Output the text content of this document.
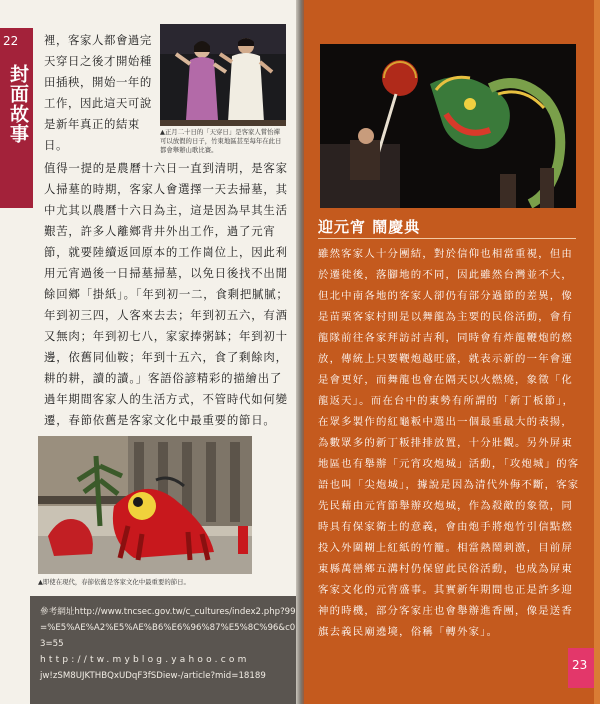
22
封面故事
裡，客家人都會過完天穿日之後才開始種田插秧，開始一年的工作，因此這天可說是新年真正的結束日。
▲正月二十日的「天穿日」是客家人嘗怡禪可以放假的日子，竹東地區甚至每年在此日都會舉辦山歌比賽。
值得一提的是農曆十六日一直到清明，是客家人掃墓的時期，客家人會選擇一天去掃墓，其中尤其以農曆十六日為主，這是因為早其生活艱苦，許多人離鄉背井外出工作，過了元宵節，就要陸續返回原本的工作崗位上，因此利用元宵過後一日掃墓掃墓，以免日後找不出閒餘回鄉「掛紙」。「年到初一二，食剩把膩膩；年到初三四，人客來去去；年到初五六，有酒又無肉；年到初七八，家家捧粥缽；年到初十邊，依舊同仙鞍；年到十五六，食了剩餘肉，耕的耕，讀的讀。」客語俗諺精彩的描繪出了過年期間客家人的生活方式，不管時代如何變遷，春節依舊是客家文化中最重要的節日。
▲即使在現代，春節依舊是客家文化中最重要的節日。
參考網址http://www.tncsec.gov.tw/c_cultures/index2.php?99=%E5%AE%A2%E5%AE%B6%E6%96%87%E5%8C%96&c03=55
http://tw.myblog.yahoo.com
jw!zSM8UJKTHBQxUDqF3fSDiew-/article?mid=18189
迎元宵 鬧慶典
雖然客家人十分團結，對於信仰也相當重視，但由於遷徙後，落腳地的不同，因此雖然台灣並不大，但北中南各地的客家人卻仍有部分過節的差異，像是苗栗客家村則是以舞龍為主要的民俗活動，會有龍隊前往各家拜訪討吉利，同時會有炸龍鞭炮的燃放，傳統上只要鞭炮越旺盛，就表示新的一年會運是會更好，而舞龍也會在隔天以火燃燒，象徵「化龍返天」。而在台中的東勢有所謂的「新丁板節」，在眾多製作的紅龜粄中選出一個最重最大的表揚，為數眾多的新丁粄排排放置，十分壯觀。另外屏東地區也有舉辦「元宵攻炮城」活動，「攻炮城」的客語也叫「尖炮城」，據說是因為清代外侮不斷，客家先民藉由元宵節舉辦攻炮城，作為殺敵的象徵，同時具有保家衛土的意義，會由炮手將炮竹引信點燃投入外圍糊上紅紙的竹籠。相當熱鬧刺激，目前屏東縣萬巒鄉五溝村仍保留此民俗活動，也成為屏東客家文化的元宵盛事。其實新年期間也正是許多迎神的時機，部分客家庄也會舉辦進香團，像是送香旗去義民廟遶境，俗稱「轉外家」。
23
